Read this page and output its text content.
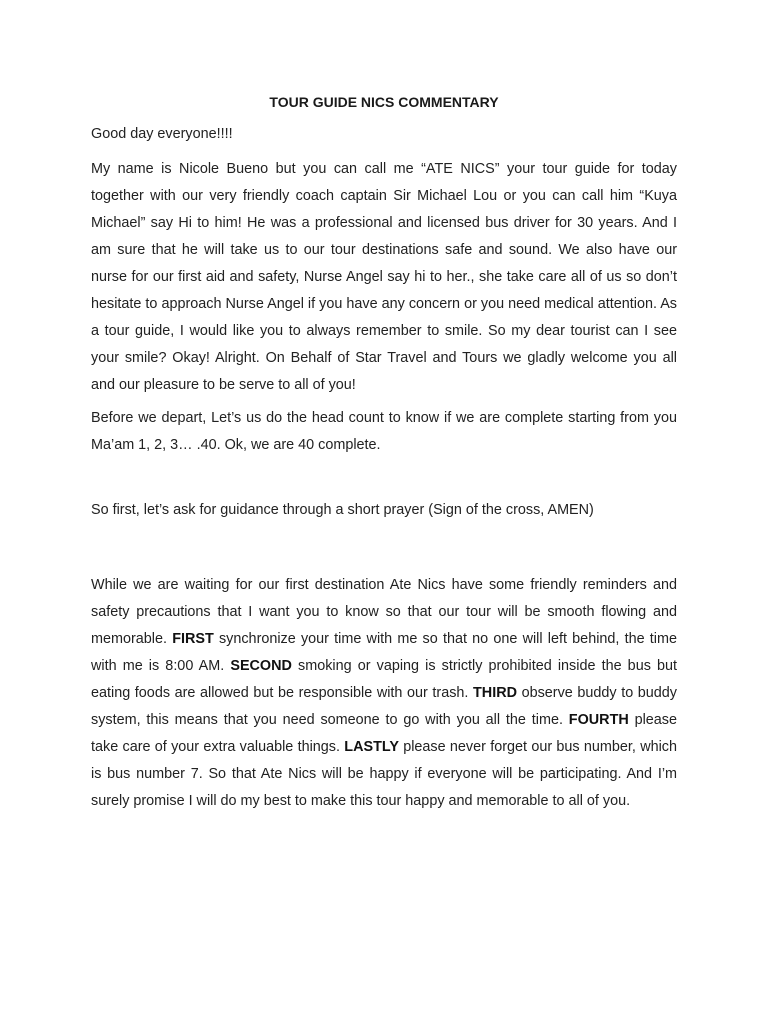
TOUR GUIDE NICS COMMENTARY

Good day everyone!!!!

My name is Nicole Bueno but you can call me “ATE NICS” your tour guide for today together with our very friendly coach captain Sir Michael Lou or you can call him “Kuya Michael” say Hi to him! He was a professional and licensed bus driver for 30 years. And I am sure that he will take us to our tour destinations safe and sound. We also have our nurse for our first aid and safety, Nurse Angel say hi to her., she take care all of us so don’t hesitate to approach Nurse Angel if you have any concern or you need medical attention. As a tour guide, I would like you to always remember to smile. So my dear tourist can I see your smile? Okay! Alright. On Behalf of Star Travel and Tours we gladly welcome you all and our pleasure to be serve to all of you!

Before we depart, Let’s us do the head count to know if we are complete starting from you Ma’am 1, 2, 3… .40. Ok, we are 40 complete.

So first, let’s ask for guidance through a short prayer (Sign of the cross, AMEN)

While we are waiting for our first destination Ate Nics have some friendly reminders and safety precautions that I want you to know so that our tour will be smooth flowing and memorable. FIRST synchronize your time with me so that no one will left behind, the time with me is 8:00 AM. SECOND smoking or vaping is strictly prohibited inside the bus but eating foods are allowed but be responsible with our trash. THIRD observe buddy to buddy system, this means that you need someone to go with you all the time. FOURTH please take care of your extra valuable things. LASTLY please never forget our bus number, which is bus number 7. So that Ate Nics will be happy if everyone will be participating. And I’m surely promise I will do my best to make this tour happy and memorable to all of you.
